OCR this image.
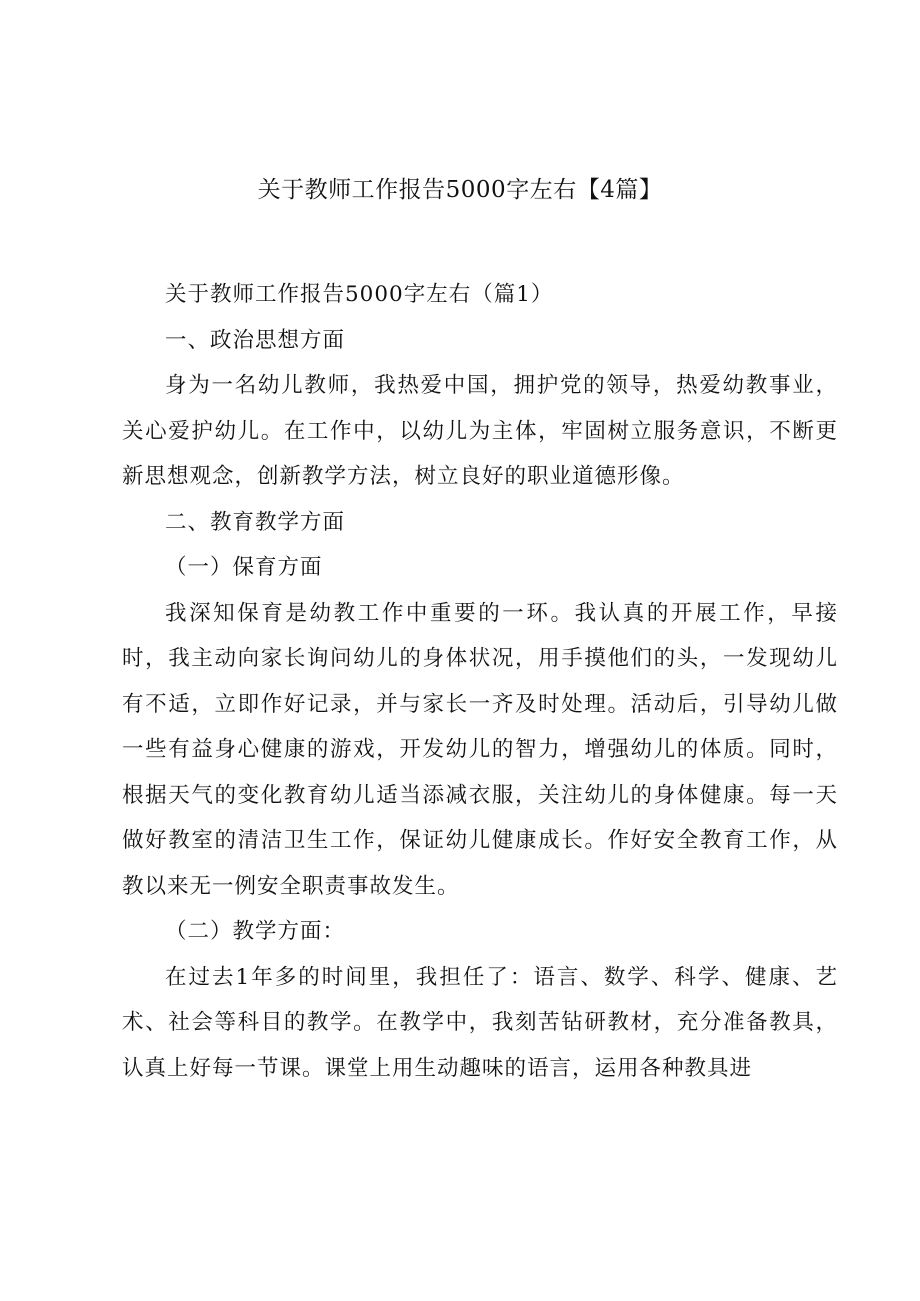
关于教师工作报告5000字左右【4篇】

关于教师工作报告5000字左右（篇1）

一、政治思想方面

身为一名幼儿教师，我热爱中国，拥护党的领导，热爱幼教事业，关心爱护幼儿。在工作中，以幼儿为主体，牢固树立服务意识，不断更新思想观念，创新教学方法，树立良好的职业道德形像。

二、教育教学方面

（一）保育方面

我深知保育是幼教工作中重要的一环。我认真的开展工作，早接时，我主动向家长询问幼儿的身体状况，用手摸他们的头，一发现幼儿有不适，立即作好记录，并与家长一齐及时处理。活动后，引导幼儿做一些有益身心健康的游戏，开发幼儿的智力，增强幼儿的体质。同时，根据天气的变化教育幼儿适当添减衣服，关注幼儿的身体健康。每一天做好教室的清洁卫生工作，保证幼儿健康成长。作好安全教育工作，从教以来无一例安全职责事故发生。

（二）教学方面：

在过去1年多的时间里，我担任了：语言、数学、科学、健康、艺术、社会等科目的教学。在教学中，我刻苦钻研教材，充分准备教具，认真上好每一节课。课堂上用生动趣味的语言，运用各种教具进
